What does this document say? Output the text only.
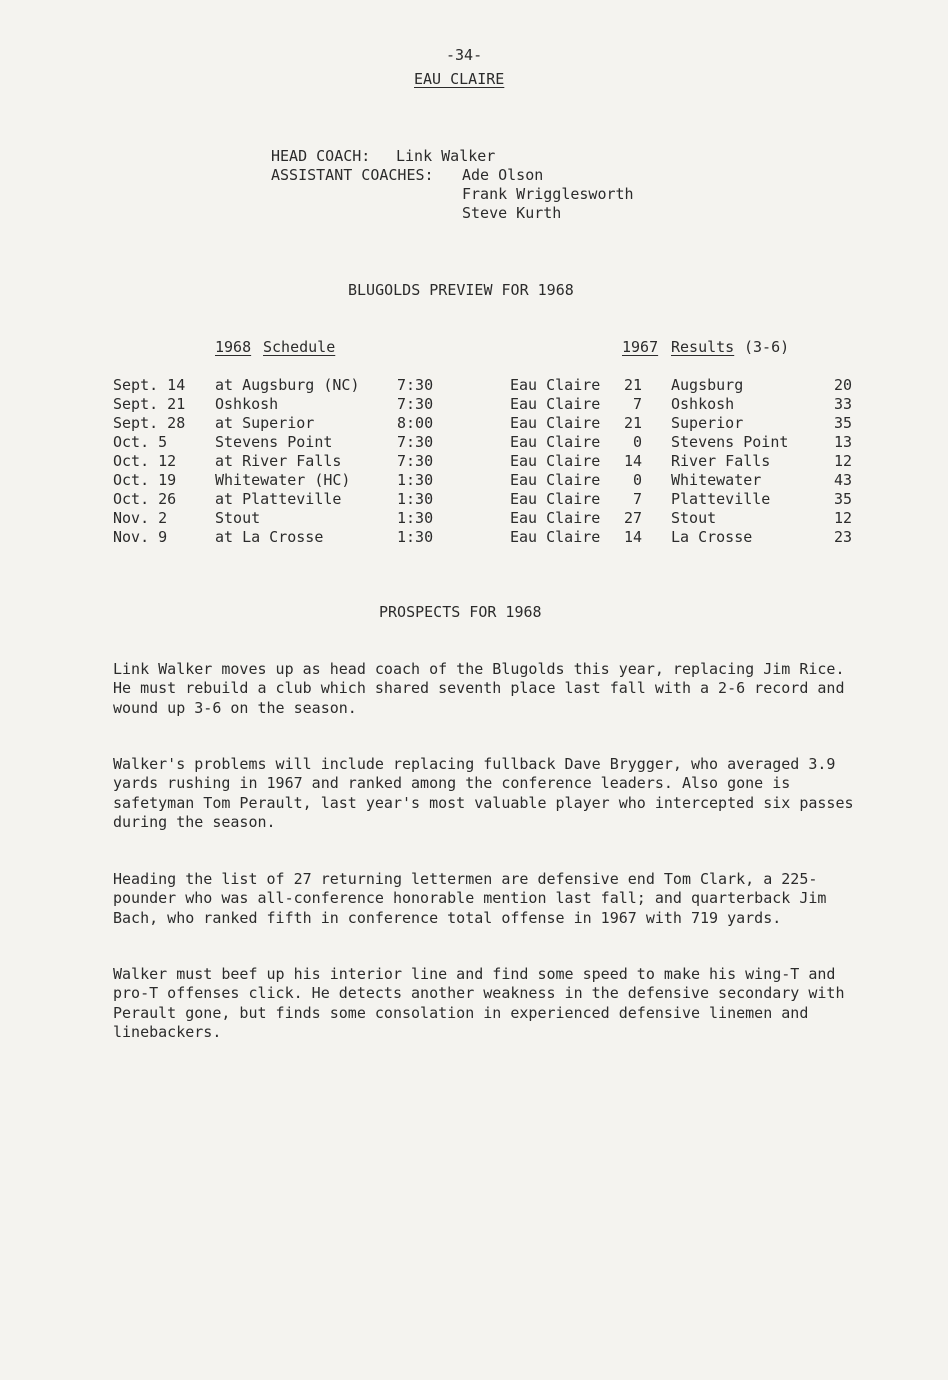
-34-
EAU CLAIRE
HEAD COACH: Link Walker
ASSISTANT COACHES: Ade Olson
Frank Wrigglesworth
Steve Kurth
BLUGOLDS PREVIEW FOR 1968
1968 Schedule	1967 Results (3-6)
Sept. 14 at Augsburg (NC)	7:30	Eau Claire	21 Augsburg	20
Sept. 21 Oshkosh	7:30	Eau Claire	7 Oshkosh	33
Sept. 28 at Superior	8:00	Eau Claire	21 Superior	35
Oct. 5	Stevens Point	7:30	Eau Claire	0 Stevens Point	13
Oct. 12	at River Falls	7:30	Eau Claire	14 River Falls	12
Oct. 19	Whitewater (HC)	1:30	Eau Claire	0 Whitewater	43
Oct. 26	at Platteville	1:30	Eau Claire	7 Platteville	35
Nov. 2	Stout	1:30	Eau Claire	27 Stout	12
Nov. 9	at La Crosse	1:30	Eau Claire	14 La Crosse	23
PROSPECTS FOR 1968
Link Walker moves up as head coach of the Blugolds this year, replacing Jim Rice. He must rebuild a club which shared seventh place last fall with a 2-6 record and wound up 3-6 on the season.
Walker's problems will include replacing fullback Dave Brygger, who averaged 3.9 yards rushing in 1967 and ranked among the conference leaders. Also gone is safetyman Tom Perault, last year's most valuable player who intercepted six passes during the season.
Heading the list of 27 returning lettermen are defensive end Tom Clark, a 225-pounder who was all-conference honorable mention last fall; and quarterback Jim Bach, who ranked fifth in conference total offense in 1967 with 719 yards.
Walker must beef up his interior line and find some speed to make his wing-T and pro-T offenses click. He detects another weakness in the defensive secondary with Perault gone, but finds some consolation in experienced defensive linemen and linebackers.
